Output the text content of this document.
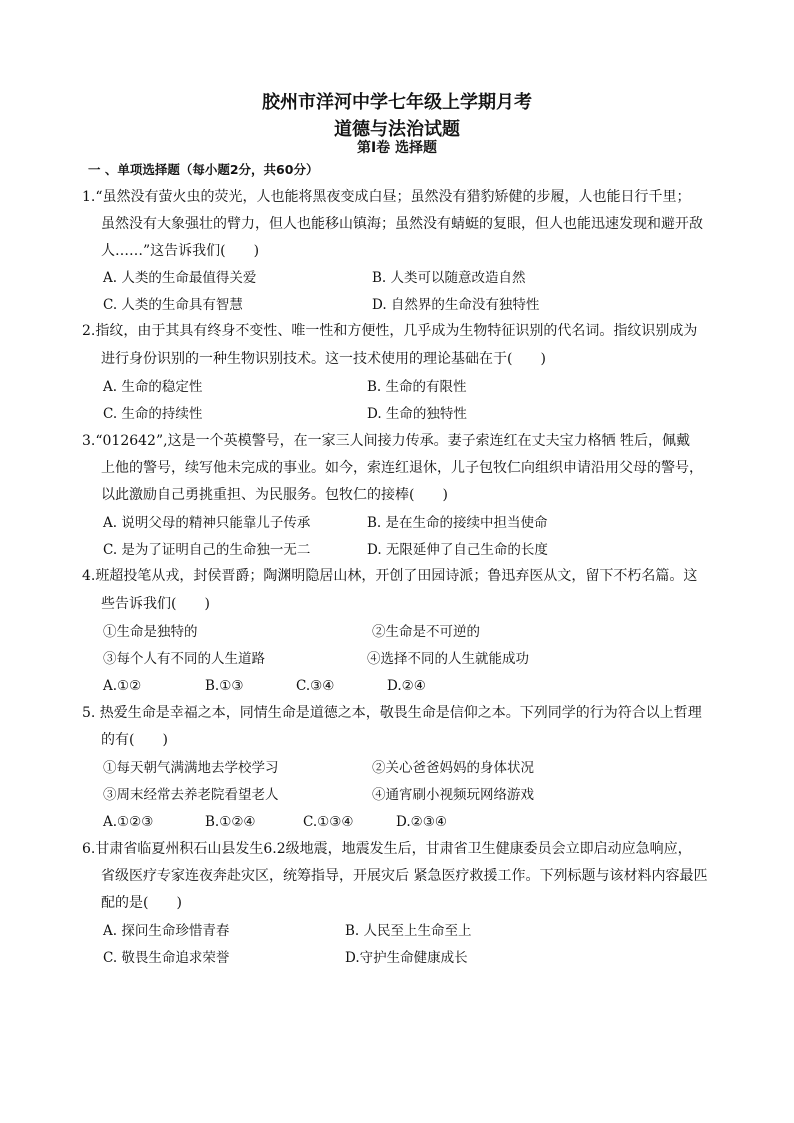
胶州市洋河中学七年级上学期月考
道德与法治试题
第Ⅰ卷 选择题
一 、单项选择题（每小题2分，共60分）
1.“虽然没有萤火虫的荧光，人也能将黑夜变成白昼；虽然没有猎豹矫健的步履，人也能日行千里；
虽然没有大象强壮的臂力，但人也能移山镇海；虽然没有蜻蜓的复眼，但人也能迅速发现和避开敌
人……”这告诉我们(　　)
A. 人类的生命最值得关爱	B. 人类可以随意改造自然
C. 人类的生命具有智慧	D. 自然界的生命没有独特性
2.指纹，由于其具有终身不变性、唯一性和方便性，几乎成为生物特征识别的代名词。指纹识别成为
进行身份识别的一种生物识别技术。这一技术使用的理论基础在于(　　)
A. 生命的稳定性	B. 生命的有限性
C. 生命的持续性	D. 生命的独特性
3.“012642”,这是一个英模警号，在一家三人间接力传承。妻子索连红在丈夫宝力格牺 牲后，佩戴
上他的警号，续写他未完成的事业。如今，索连红退休，儿子包牧仁向组织申请沿用父母的警号，
以此激励自己勇挑重担、为民服务。包牧仁的接棒(　　)
A. 说明父母的精神只能靠儿子传承	B. 是在生命的接续中担当使命
C. 是为了证明自己的生命独一无二	D. 无限延伸了自己生命的长度
4.班超投笔从戎，封侯晋爵；陶渊明隐居山林，开创了田园诗派；鲁迅弃医从文，留下不朽名篇。这
些告诉我们(　　)
①生命是独特的	②生命是不可逆的
③每个人有不同的人生道路	④选择不同的人生就能成功
A.①②	B.①③	C.③④	D.②④
5. 热爱生命是幸福之本，同情生命是道德之本，敬畏生命是信仰之本。下列同学的行为符合以上哲理
的有(　　)
①每天朝气满满地去学校学习	②关心爸爸妈妈的身体状况
③周末经常去养老院看望老人	④通宵刷小视频玩网络游戏
A.①②③	B.①②④	C.①③④	D.②③④
6.甘肃省临夏州积石山县发生6.2级地震，地震发生后，甘肃省卫生健康委员会立即启动应急响应，
省级医疗专家连夜奔赴灾区，统筹指导，开展灾后 紧急医疗救援工作。下列标题与该材料内容最匹
配的是(　　)
A. 探问生命珍惜青春	B. 人民至上生命至上
C. 敬畏生命追求荣誉	D.守护生命健康成长
